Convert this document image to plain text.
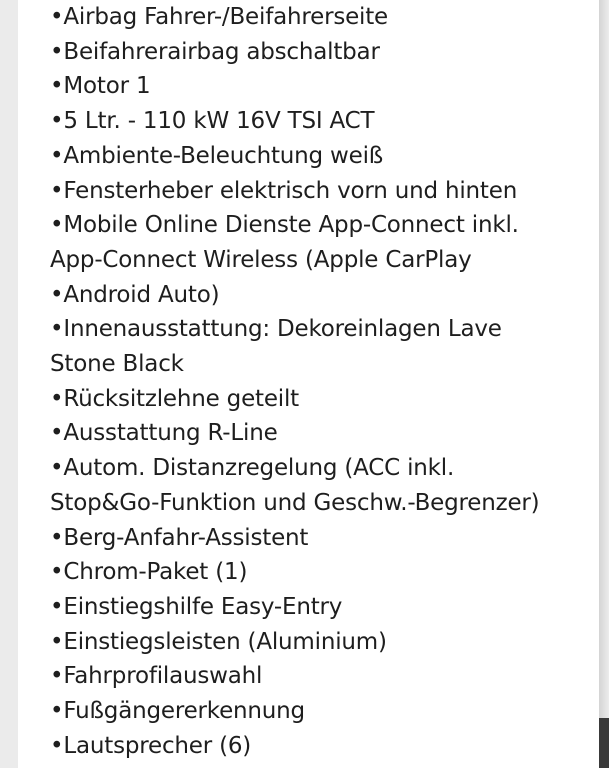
•Airbag Fahrer-/Beifahrerseite
•Beifahrerairbag abschaltbar
•Motor 1
•5 Ltr. - 110 kW 16V TSI ACT
•Ambiente-Beleuchtung weiß
•Fensterheber elektrisch vorn und hinten
•Mobile Online Dienste App-Connect inkl.
App-Connect Wireless (Apple CarPlay
•Android Auto)
•Innenausstattung: Dekoreinlagen Lave
Stone Black
•Rücksitzlehne geteilt
•Ausstattung R-Line
•Autom. Distanzregelung (ACC inkl.
Stop&Go-Funktion und Geschw.-Begrenzer)
•Berg-Anfahr-Assistent
•Chrom-Paket (1)
•Einstiegshilfe Easy-Entry
•Einstiegsleisten (Aluminium)
•Fahrprofilauswahl
•Fußgängererkennung
•Lautsprecher (6)
